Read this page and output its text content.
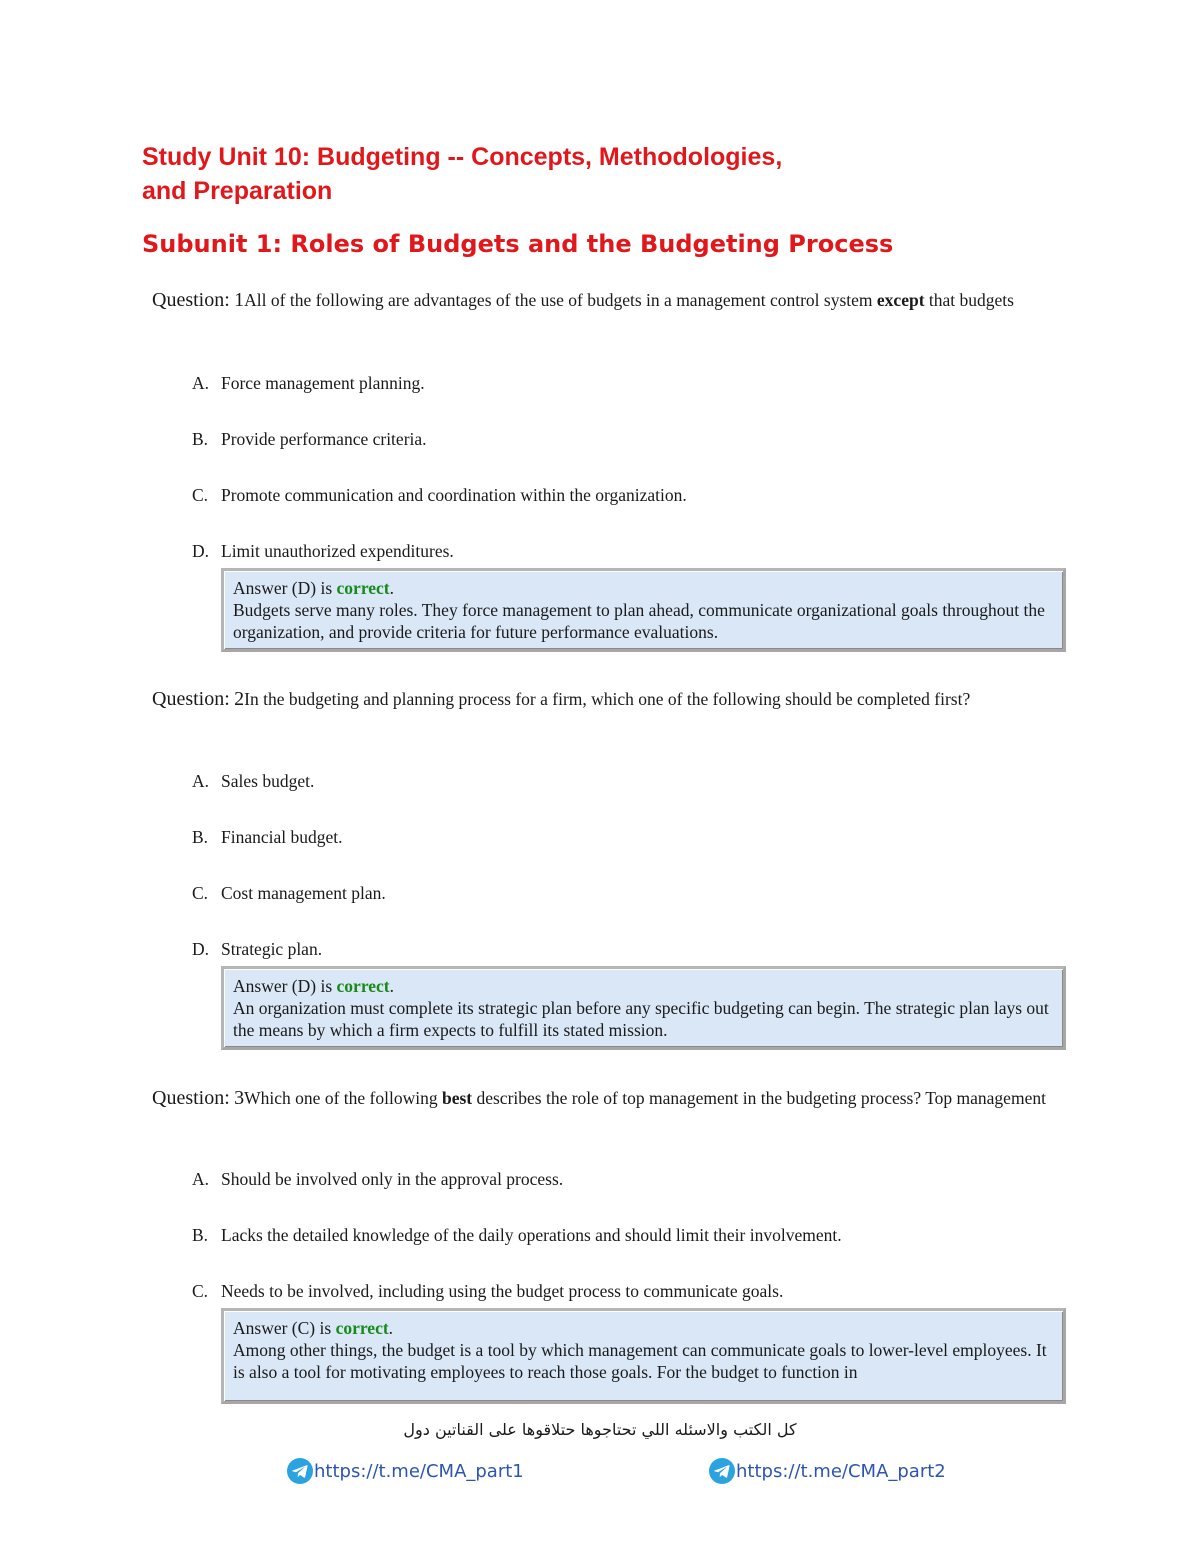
Study Unit 10: Budgeting -- Concepts, Methodologies,
and Preparation
Subunit 1: Roles of Budgets and the Budgeting Process
Question: 1All of the following are advantages of the use of budgets in a management control system except that budgets
A. Force management planning.
B. Provide performance criteria.
C. Promote communication and coordination within the organization.
D. Limit unauthorized expenditures.
Answer (D) is correct.
Budgets serve many roles. They force management to plan ahead, communicate organizational goals throughout the organization, and provide criteria for future performance evaluations.
Question: 2In the budgeting and planning process for a firm, which one of the following should be completed first?
A. Sales budget.
B. Financial budget.
C. Cost management plan.
D. Strategic plan.
Answer (D) is correct.
An organization must complete its strategic plan before any specific budgeting can begin. The strategic plan lays out the means by which a firm expects to fulfill its stated mission.
Question: 3Which one of the following best describes the role of top management in the budgeting process? Top management
A. Should be involved only in the approval process.
B. Lacks the detailed knowledge of the daily operations and should limit their involvement.
C. Needs to be involved, including using the budget process to communicate goals.
Answer (C) is correct.
Among other things, the budget is a tool by which management can communicate goals to lower-level employees. It is also a tool for motivating employees to reach those goals. For the budget to function in
كل الكتب والاسئله اللي تحتاجوها حتلاقوها على القناتين دول
https://t.me/CMA_part1	https://t.me/CMA_part2
